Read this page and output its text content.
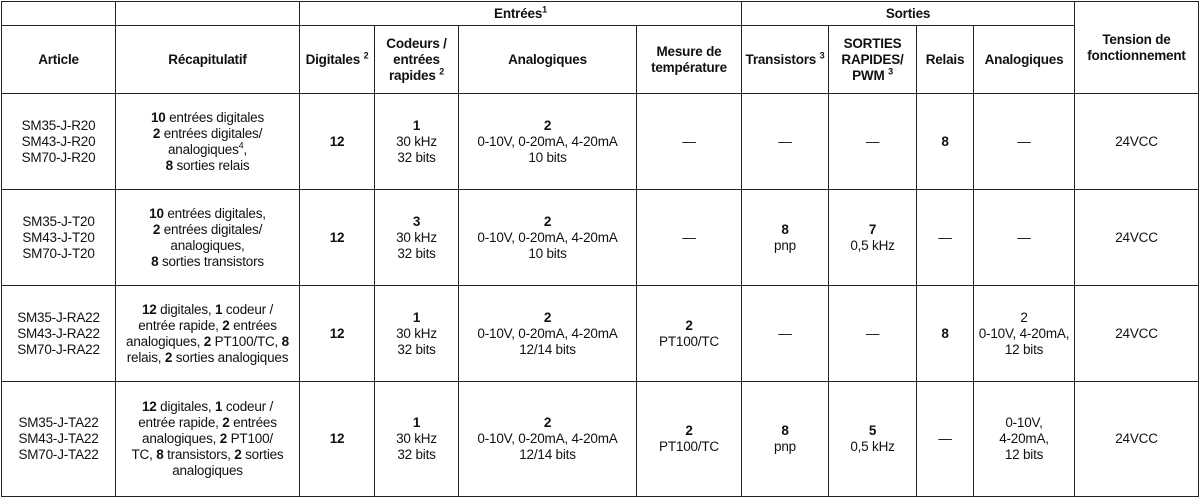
		Entrées$^1$				Sorties				Tension de
fonctionnement

Article	Récapitulatif	Digitales $^2$	Codeurs /
entrées
rapides $^2$	Analogiques	Mesure de
température	Transistors $^3$	SORTIES
RAPIDES/
PWM $^3$	Relais	Analogiques	

SM35-J-R20
SM43-J-R20
SM70-J-R20	10 entrées digitales
2 entrées digitales/
analogiques$^4$,
8 sorties relais	12	1
30 kHz
32 bits	2
0-10V, 0-20mA, 4-20mA
10 bits	—	—	—	8	—	24VCC

SM35-J-T20
SM43-J-T20
SM70-J-T20	10 entrées digitales,
2 entrées digitales/
analogiques,
8 sorties transistors	12	3
30 kHz
32 bits	2
0-10V, 0-20mA, 4-20mA
10 bits	—	8
pnp	7
0,5 kHz	—	—	24VCC

SM35-J-RA22
SM43-J-RA22
SM70-J-RA22	12 digitales, 1 codeur /
entrée rapide, 2 entrées
analogiques, 2 PT100/TC, 8
relais, 2 sorties analogiques	12	1
30 kHz
32 bits	2
0-10V, 0-20mA, 4-20mA
12/14 bits	2
PT100/TC	—	—	8	2
0-10V, 4-20mA,
12 bits	24VCC

SM35-J-TA22
SM43-J-TA22
SM70-J-TA22	12 digitales, 1 codeur /
entrée rapide, 2 entrées
analogiques, 2 PT100/
TC, 8 transistors, 2 sorties
analogiques	12	1
30 kHz
32 bits	2
0-10V, 0-20mA, 4-20mA
12/14 bits	2
PT100/TC	8
pnp	5
0,5 kHz	—	0-10V,
4-20mA,
12 bits	24VCC
